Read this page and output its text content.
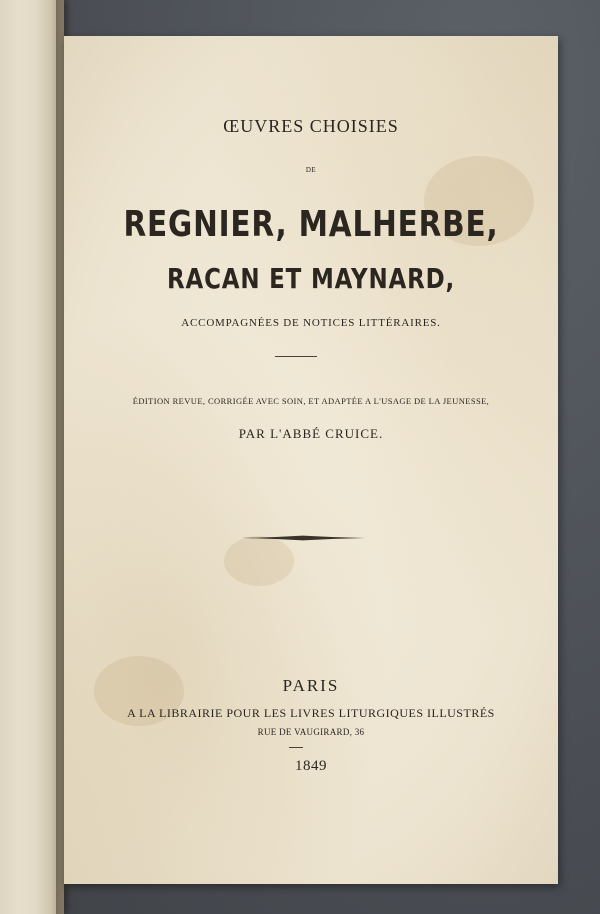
ŒUVRES CHOISIES
DE
REGNIER, MALHERBE,
RACAN ET MAYNARD,
ACCOMPAGNÉES DE NOTICES LITTÉRAIRES.
ÉDITION REVUE, CORRIGÉE AVEC SOIN, ET ADAPTÉE A L'USAGE DE LA JEUNESSE,
PAR L'ABBÉ CRUICE.
PARIS
A LA LIBRAIRIE POUR LES LIVRES LITURGIQUES ILLUSTRÉS
RUE DE VAUGIRARD, 36
1849
